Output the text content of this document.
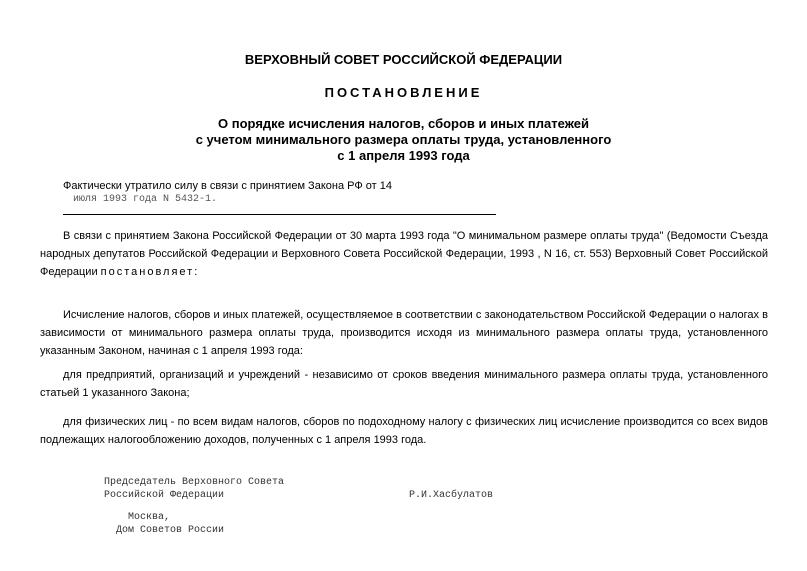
ВЕРХОВНЫЙ СОВЕТ РОССИЙСКОЙ ФЕДЕРАЦИИ
ПОСТАНОВЛЕНИЕ
О порядке исчисления налогов, сборов и иных платежей
с учетом минимального размера оплаты труда, установленного
с 1 апреля 1993 года
Фактически утратило силу в связи с принятием Закона РФ от 14
июля 1993 года N 5432-1.

В связи с принятием Закона Российской Федерации от 30 марта 1993 года "О минимальном размере оплаты труда" (Ведомости Съезда народных депутатов Российской Федерации и Верховного Совета Российской Федерации, 1993 , N 16, ст. 553) Верховный Совет Российской Федерации постановляет:

Исчисление налогов, сборов и иных платежей, осуществляемое в соответствии с законодательством Российской Федерации о налогах в зависимости от минимального размера оплаты труда, производится исходя из минимального размера оплаты труда, установленного указанным Законом, начиная с 1 апреля 1993 года:

для предприятий, организаций и учреждений - независимо от сроков введения минимального размера оплаты труда, установленного статьей 1 указанного Закона;

для физических лиц - по всем видам налогов, сборов по подоходному налогу с физических лиц исчисление производится со всех видов подлежащих налогообложению доходов, полученных с 1 апреля 1993 года.

Председатель Верховного Совета
Российской Федерации	Р.И.Хасбулатов
Москва,
Дом Советов России
